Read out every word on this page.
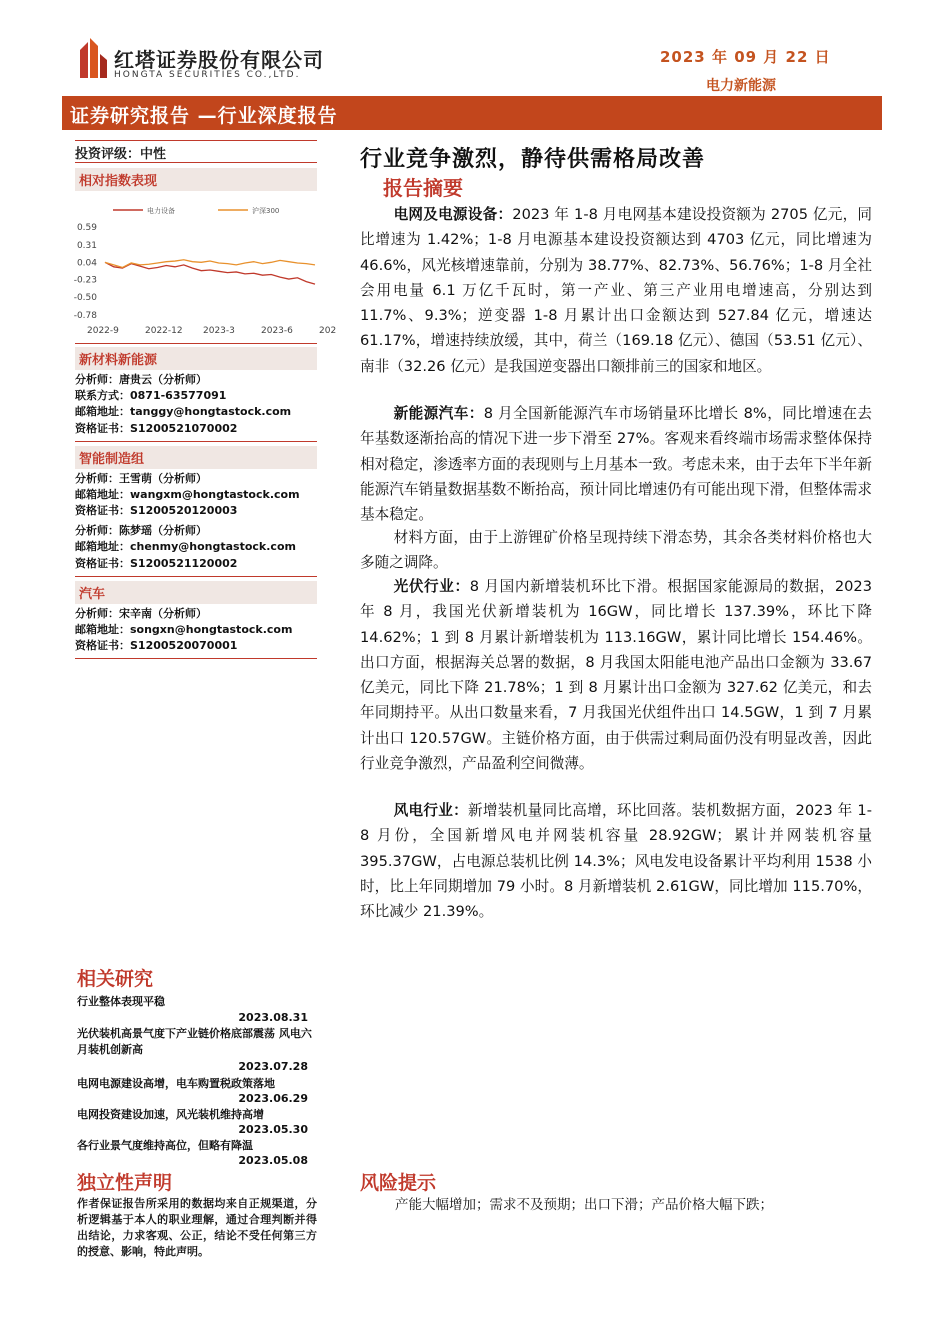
红塔证券股份有限公司
HONGTA SECURITIES CO.,LTD.
2023 年 09 月 22 日
电力新能源
证券研究报告 —行业深度报告
投资评级：中性
相对指数表现
电力设备	沪深300
0.59
0.31
0.04
-0.23
-0.50
-0.78
2022-9	2022-12 2023-3	2023-6	202
新材料新能源
分析师：唐贵云（分析师）
联系方式：0871-63577091
邮箱地址：tanggy@hongtastock.com
资格证书：S1200521070002
智能制造组
分析师：王雪萌（分析师）
邮箱地址：wangxm@hongtastock.com
资格证书：S1200520120003
分析师：陈梦瑶（分析师）
邮箱地址：chenmy@hongtastock.com
资格证书：S1200521120002
汽车
分析师：宋辛南（分析师）
邮箱地址：songxn@hongtastock.com
资格证书：S1200520070001
相关研究
行业整体表现平稳
2023.08.31
光伏装机高景气度下产业链价格底部震荡 风电六月装机创新高
2023.07.28
电网电源建设高增，电车购置税政策落地
2023.06.29
电网投资建设加速，风光装机维持高增
2023.05.30
各行业景气度维持高位，但略有降温
2023.05.08
独立性声明
作者保证报告所采用的数据均来自正规渠道，分析逻辑基于本人的职业理解，通过合理判断并得出结论，力求客观、公正，结论不受任何第三方的授意、影响，特此声明。
行业竞争激烈，静待供需格局改善
报告摘要
电网及电源设备：2023 年 1-8 月电网基本建设投资额为 2705 亿元，同比增速为 1.42%；1-8 月电源基本建设投资额达到 4703 亿元，同比增速为 46.6%，风光核增速靠前，分别为 38.77%、82.73%、56.76%；1-8 月全社会用电量 6.1 万亿千瓦时，第一产业、第三产业用电增速高，分别达到 11.7%、9.3%；逆变器 1-8 月累计出口金额达到 527.84 亿元，增速达 61.17%，增速持续放缓，其中，荷兰（169.18 亿元）、德国（53.51 亿元）、南非（32.26 亿元）是我国逆变器出口额排前三的国家和地区。
新能源汽车：8 月全国新能源汽车市场销量环比增长 8%，同比增速在去年基数逐渐抬高的情况下进一步下滑至 27%。客观来看终端市场需求整体保持相对稳定，渗透率方面的表现则与上月基本一致。考虑未来，由于去年下半年新能源汽车销量数据基数不断抬高，预计同比增速仍有可能出现下滑，但整体需求基本稳定。
材料方面，由于上游锂矿价格呈现持续下滑态势，其余各类材料价格也大多随之调降。
光伏行业：8 月国内新增装机环比下滑。根据国家能源局的数据，2023 年 8 月，我国光伏新增装机为 16GW，同比增长 137.39%，环比下降 14.62%；1 到 8 月累计新增装机为 113.16GW，累计同比增长 154.46%。出口方面，根据海关总署的数据，8 月我国太阳能电池产品出口金额为 33.67 亿美元，同比下降 21.78%；1 到 8 月累计出口金额为 327.62 亿美元，和去年同期持平。从出口数量来看，7 月我国光伏组件出口 14.5GW，1 到 7 月累计出口 120.57GW。主链价格方面，由于供需过剩局面仍没有明显改善，因此行业竞争激烈，产品盈利空间微薄。
风电行业：新增装机量同比高增，环比回落。装机数据方面，2023 年 1-8 月份，全国新增风电并网装机容量 28.92GW；累计并网装机容量 395.37GW，占电源总装机比例 14.3%；风电发电设备累计平均利用 1538 小时，比上年同期增加 79 小时。8 月新增装机 2.61GW，同比增加 115.70%，环比减少 21.39%。
风险提示
产能大幅增加；需求不及预期；出口下滑；产品价格大幅下跌；
